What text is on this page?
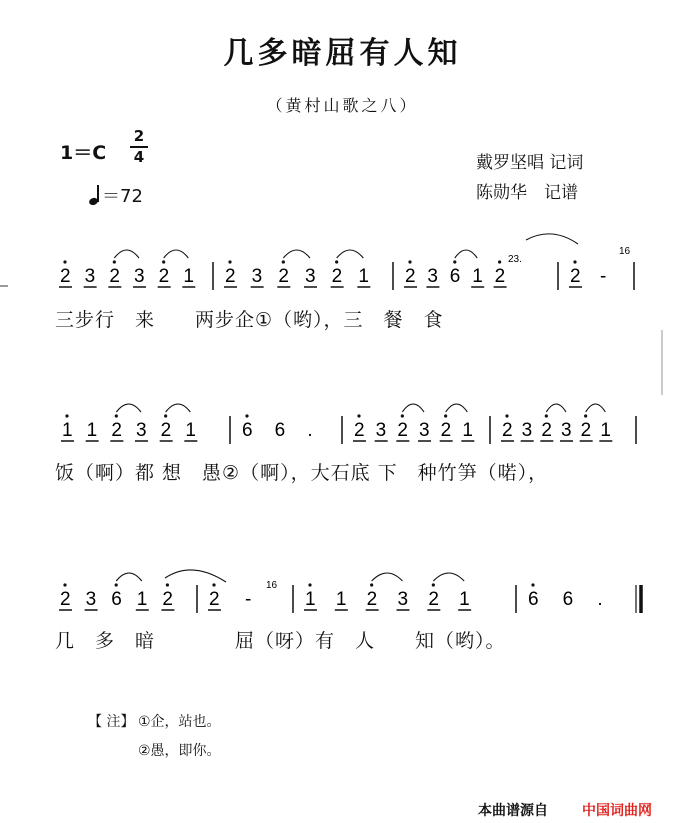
几多暗屈有人知
（黄村山歌之八）
1＝C
2
4
＝72
戴罗坚唱 记词
陈勋华　记谱
2 3 2 3 2 1 2 3 2 3 2 1 2 3 6 1 2	2 -
23.
16
1 1 2 3 2 1 6 6 . 2 3 2 3 2 1 2 3 2 3 2 1
2 3 6 1 2 2 -	1 1 2 3 2 1	6 6 .
16
三步行　来　　两步企①（哟），三　餐　食
饭（啊）都 想　愚②（啊），大石底 下　种竹笋（喏），
几　多　暗　　　　屈（呀）有　人　　知（哟）。
【 注】 ①企，站也。
②愚，即你。
本曲谱源自 中国词曲网
